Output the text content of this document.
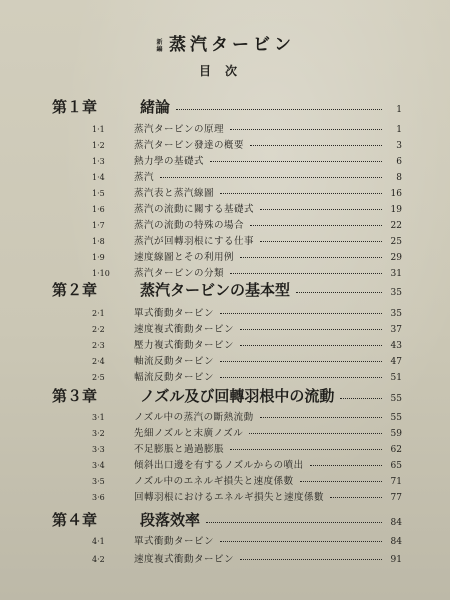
新編 蒸汽タービン
目次
第１章	緒論	1
1·1	蒸汽タービンの原理	1
1·2	蒸汽タービン發達の槪要	3
1·3	熱力學の基礎式	6
1·4	蒸汽	8
1·5	蒸汽表と蒸汽線圖	16
1·6	蒸汽の流動に關する基礎式	19
1·7	蒸汽の流動の特殊の場合	22
1·8	蒸汽が回轉羽根にする仕事	25
1·9	速度線圖とその利用例	29
1·10	蒸汽タービンの分類	31
第２章	蒸汽タービンの基本型	35
2·1	單式衝動タービン	35
2·2	速度複式衝動タービン	37
2·3	壓力複式衝動タービン	43
2·4	軸流反動タービン	47
2·5	輻流反動タービン	51
第３章	ノズル及び回轉羽根中の流動	55
3·1	ノズル中の蒸汽の斷熱流動	55
3·2	先細ノズルと末廣ノズル	59
3·3	不足膨脹と過過膨脹	62
3·4	傾斜出口邊を有するノズルからの噴出	65
3·5	ノズル中のエネルギ損失と速度係數	71
3·6	回轉羽根におけるエネルギ損失と速度係數	77
第４章	段落效率	84
4·1	單式衝動タービン	84
4·2	速度複式衝動タービン	91
